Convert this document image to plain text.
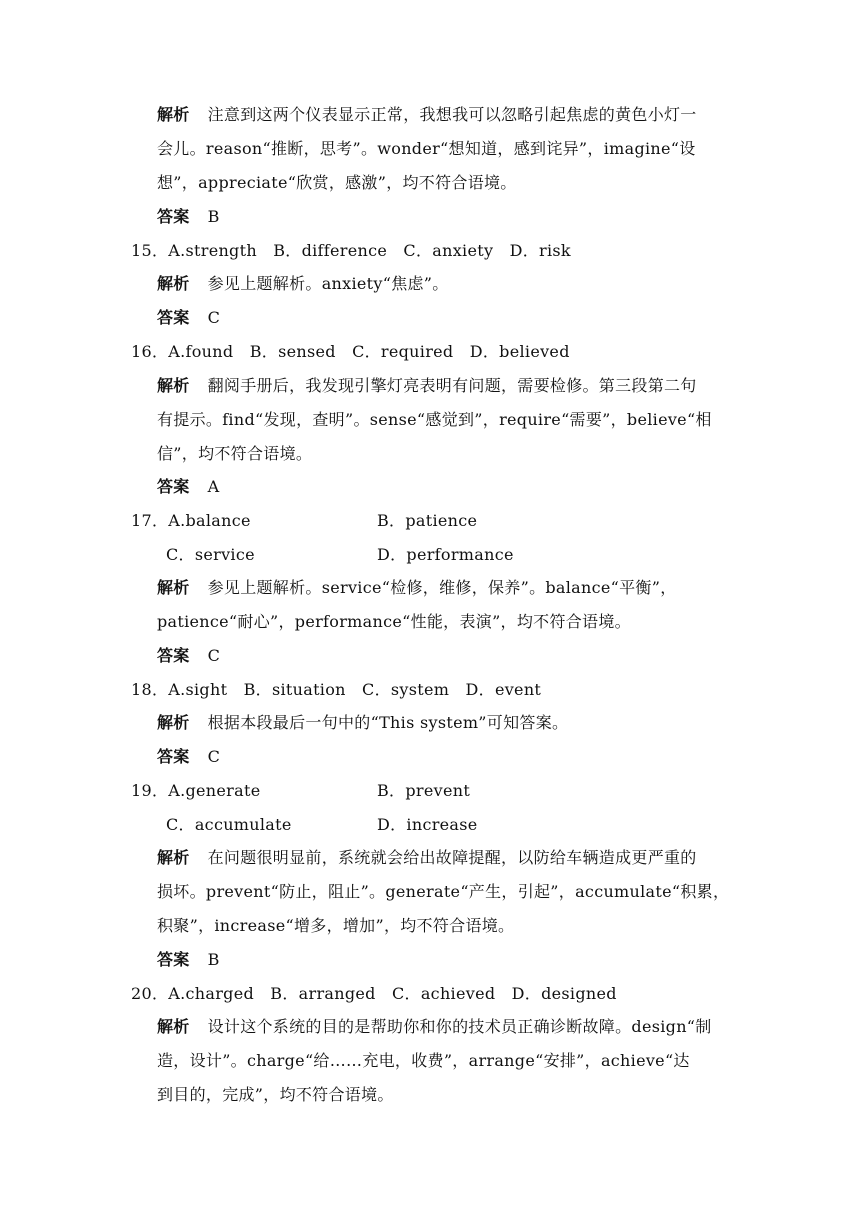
解析 注意到这两个仪表显示正常，我想我可以忽略引起焦虑的黄色小灯一
会儿。reason“推断，思考”。wonder“想知道，感到诧异”，imagine“设
想”，appreciate“欣赏，感激”，均不符合语境。
答案 B
15．A.strength　B．difference　C．anxiety　D．risk
解析 参见上题解析。anxiety“焦虑”。
答案 C
16．A.found　B．sensed　C．required　D．believed
解析 翻阅手册后，我发现引擎灯亮表明有问题，需要检修。第三段第二句
有提示。find“发现，查明”。sense“感觉到”，require“需要”，believe“相
信”，均不符合语境。
答案 A
17．A.balance	B．patience
C．service	D．performance
解析 参见上题解析。service“检修，维修，保养”。balance“平衡”，
patience“耐心”，performance“性能，表演”，均不符合语境。
答案 C
18．A.sight　B．situation　C．system　D．event
解析 根据本段最后一句中的“This system”可知答案。
答案 C
19．A.generate	B．prevent
C．accumulate	D．increase
解析 在问题很明显前，系统就会给出故障提醒，以防给车辆造成更严重的
损坏。prevent“防止，阻止”。generate“产生，引起”，accumulate“积累，
积聚”，increase“增多，增加”，均不符合语境。
答案 B
20．A.charged　B．arranged　C．achieved　D．designed
解析 设计这个系统的目的是帮助你和你的技术员正确诊断故障。design“制
造，设计”。charge“给……充电，收费”，arrange“安排”，achieve“达
到目的，完成”，均不符合语境。
